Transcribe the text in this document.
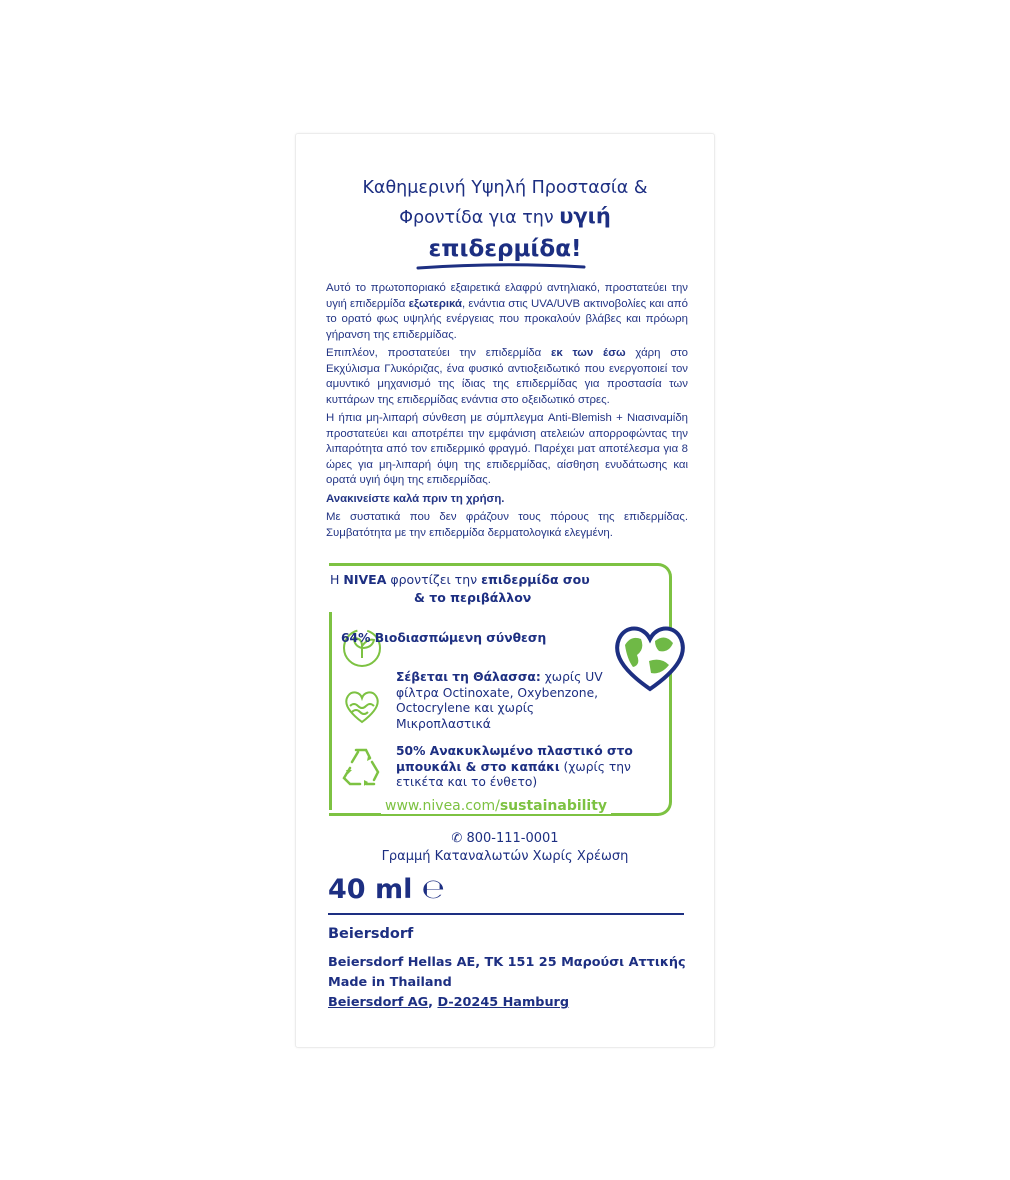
Καθημερινή Υψηλή Προστασία &
Φροντίδα για την υγιή
επιδερμίδα!

Αυτό το πρωτοποριακό εξαιρετικά ελαφρύ αντηλιακό, προστατεύει την υγιή επιδερμίδα εξωτερικά, ενάντια στις UVA/UVB ακτινοβολίες και από το ορατό φως υψηλής ενέργειας που προκαλούν βλάβες και πρόωρη γήρανση της επιδερμίδας.

Επιπλέον, προστατεύει την επιδερμίδα εκ των έσω χάρη στο Εκχύλισμα Γλυκόριζας, ένα φυσικό αντιοξειδωτικό που ενεργοποιεί τον αμυντικό μηχανισμό της ίδιας της επιδερμίδας για προστασία των κυττάρων της επιδερμίδας ενάντια στο οξειδωτικό στρες.

Η ήπια μη-λιπαρή σύνθεση με σύμπλεγμα Anti-Blemish + Νιασιναμίδη προστατεύει και αποτρέπει την εμφάνιση ατελειών απορροφώντας την λιπαρότητα από τον επιδερμικό φραγμό. Παρέχει ματ αποτέλεσμα για 8 ώρες για μη-λιπαρή όψη της επιδερμίδας, αίσθηση ενυδάτωσης και ορατά υγιή όψη της επιδερμίδας.

Ανακινείστε καλά πριν τη χρήση.

Με συστατικά που δεν φράζουν τους πόρους της επιδερμίδας. Συμβατότητα με την επιδερμίδα δερματολογικά ελεγμένη.

Η NIVEA φροντίζει την επιδερμίδα σου
& το περιβάλλον
64% Βιοδιασπώμενη σύνθεση
Σέβεται τη Θάλασσα: χωρίς UV φίλτρα Octinoxate, Oxybenzone, Octocrylene και χωρίς Μικροπλαστικά
50% Ανακυκλωμένο πλαστικό στο μπουκάλι & στο καπάκι (χωρίς την ετικέτα και το ένθετο)
www.nivea.com/sustainability
✆ 800-111-0001
Γραμμή Καταναλωτών Χωρίς Χρέωση
40 ml ℮
Beiersdorf
Beiersdorf Hellas AE, TK 151 25 Μαρούσι Αττικής
Made in Thailand
Beiersdorf AG, D-20245 Hamburg
